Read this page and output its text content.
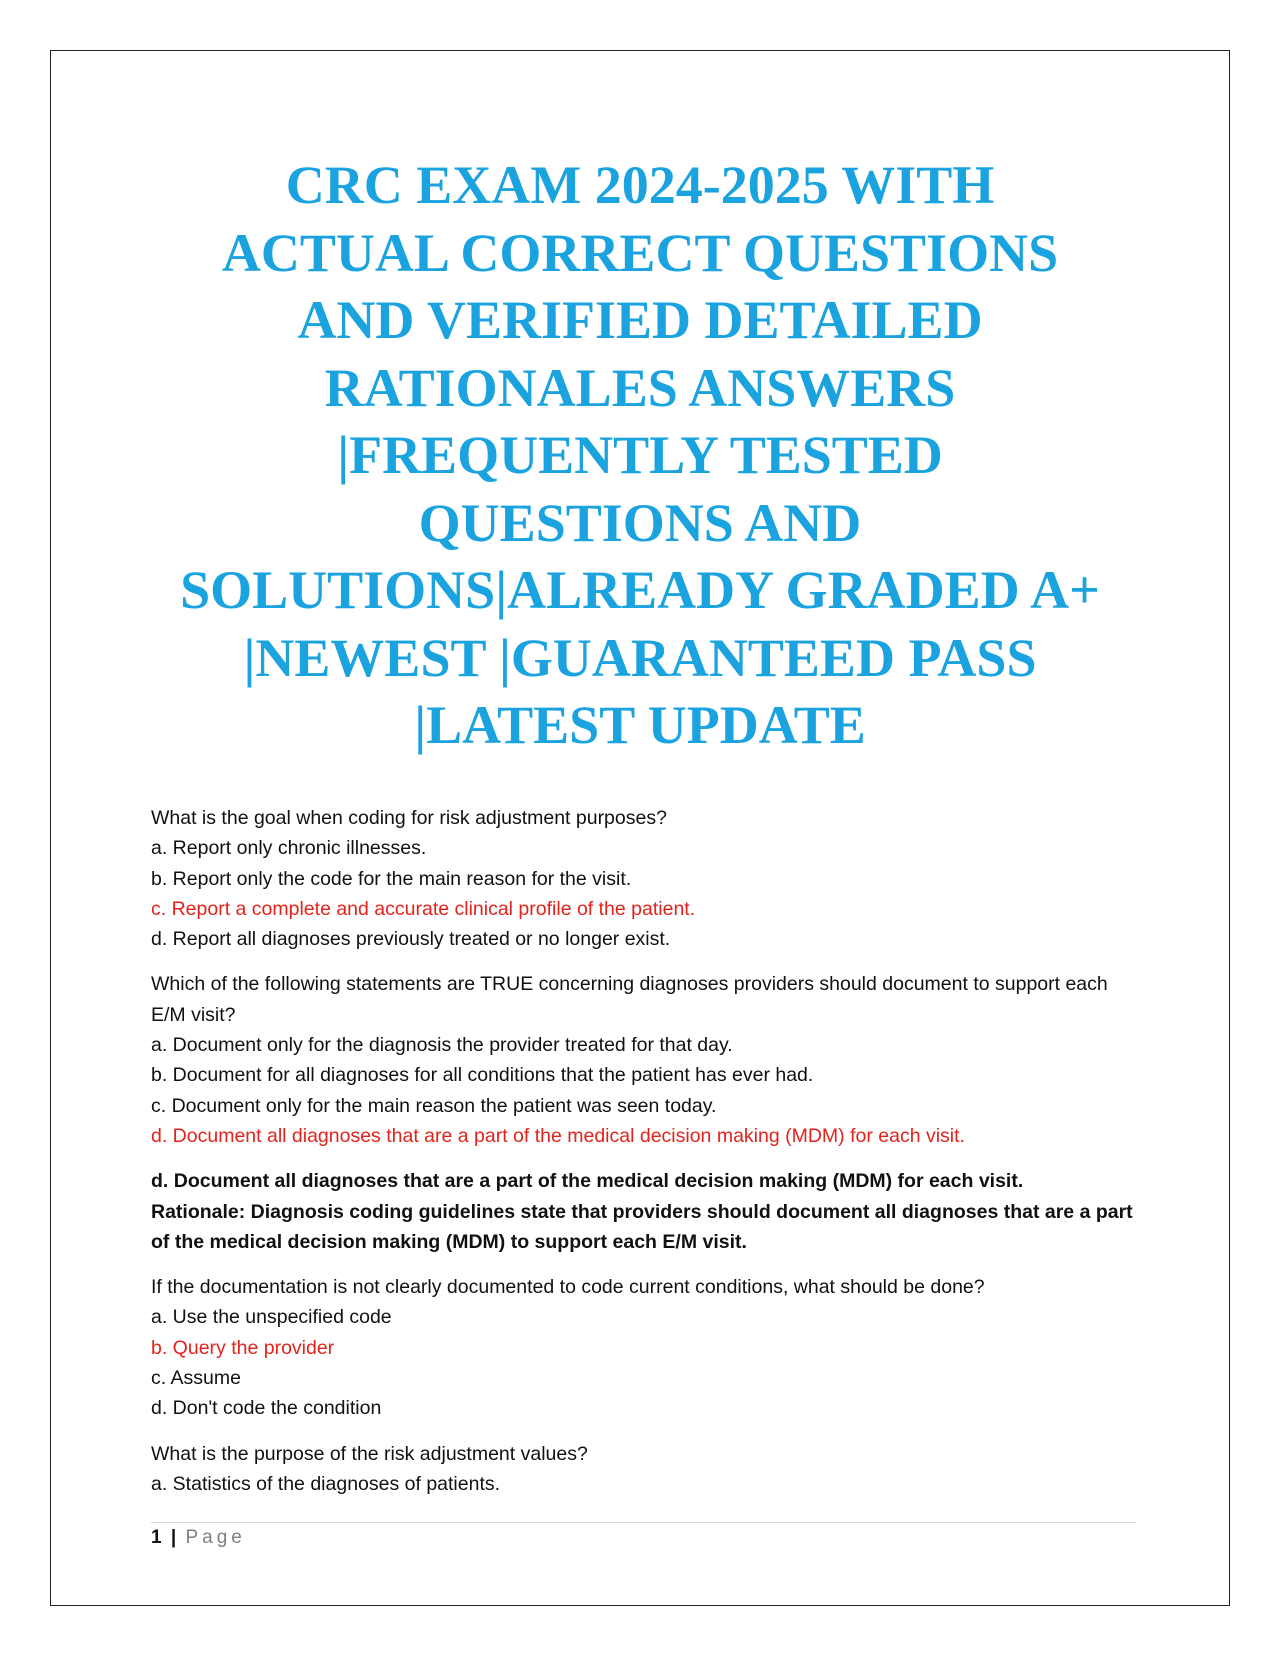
CRC EXAM 2024-2025 WITH
ACTUAL CORRECT QUESTIONS
AND VERIFIED DETAILED
RATIONALES ANSWERS
|FREQUENTLY TESTED
QUESTIONS AND
SOLUTIONS|ALREADY GRADED A+
|NEWEST |GUARANTEED PASS
|LATEST UPDATE

What is the goal when coding for risk adjustment purposes?

a. Report only chronic illnesses.

b. Report only the code for the main reason for the visit.

c. Report a complete and accurate clinical profile of the patient.

d. Report all diagnoses previously treated or no longer exist.

Which of the following statements are TRUE concerning diagnoses providers should document to support each E/M visit?

a. Document only for the diagnosis the provider treated for that day.

b. Document for all diagnoses for all conditions that the patient has ever had.

c. Document only for the main reason the patient was seen today.

d. Document all diagnoses that are a part of the medical decision making (MDM) for each visit.

d. Document all diagnoses that are a part of the medical decision making (MDM) for each visit.

Rationale: Diagnosis coding guidelines state that providers should document all diagnoses that are a part of the medical decision making (MDM) to support each E/M visit.

If the documentation is not clearly documented to code current conditions, what should be done?

a. Use the unspecified code

b. Query the provider

c. Assume

d. Don't code the condition

What is the purpose of the risk adjustment values?

a. Statistics of the diagnoses of patients.

1 | Page
